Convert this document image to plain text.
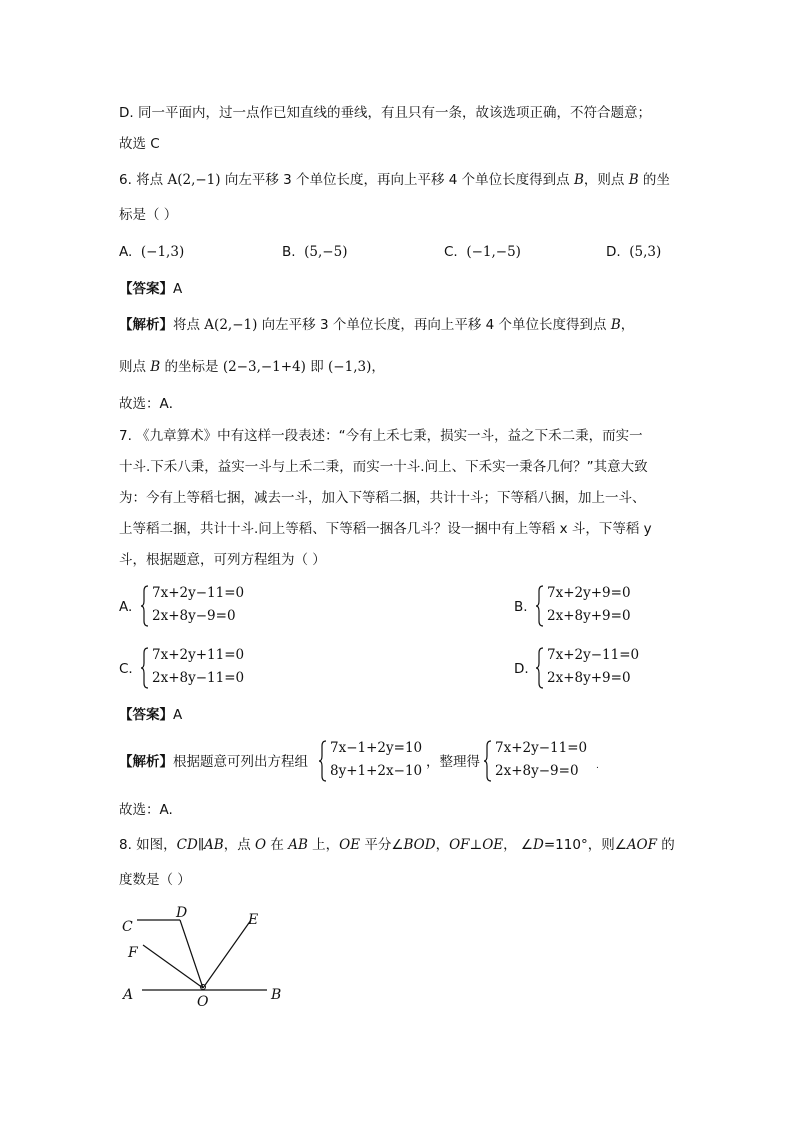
D. 同一平面内，过一点作已知直线的垂线，有且只有一条，故该选项正确，不符合题意；
故选 C
6. 将点 A(2,−1) 向左平移 3 个单位长度，再向上平移 4 个单位长度得到点 B，则点 B 的坐
标是（ ）
A. (−1,3)	B. (5,−5)	C. (−1,−5)	D. (5,3)
【答案】A
【解析】将点 A(2,−1) 向左平移 3 个单位长度，再向上平移 4 个单位长度得到点 B，
则点 B 的坐标是 (2−3,−1+4) 即 (−1,3)，
故选：A．
7. 《九章算术》中有这样一段表述：“今有上禾七秉，损实一斗，益之下禾二秉，而实一
十斗.下禾八秉，益实一斗与上禾二秉，而实一十斗.问上、下禾实一秉各几何？”其意大致
为：今有上等稻七捆，减去一斗，加入下等稻二捆，共计十斗；下等稻八捆，加上一斗、
上等稻二捆，共计十斗.问上等稻、下等稻一捆各几斗？设一捆中有上等稻 x 斗，下等稻 y
斗，根据题意，可列方程组为（ ）
A.
7x+2y−11=0
2x+8y−9=0
B.
7x+2y+9=0
2x+8y+9=0
C.
7x+2y+11=0
2x+8y−11=0
D.
7x+2y−11=0
2x+8y+9=0
【答案】A
【解析】根据题意可列出方程组
7x−1+2y=10
8y+1+2x−10
，整理得
7x+2y−11=0
2x+8y−9=0 .
故选：A.
8. 如图，CD∥AB，点 O 在 AB 上，OE 平分∠BOD，OF⊥OE， ∠D=110°，则∠AOF 的
度数是（ ）
C
D	E
F
A	O	B
